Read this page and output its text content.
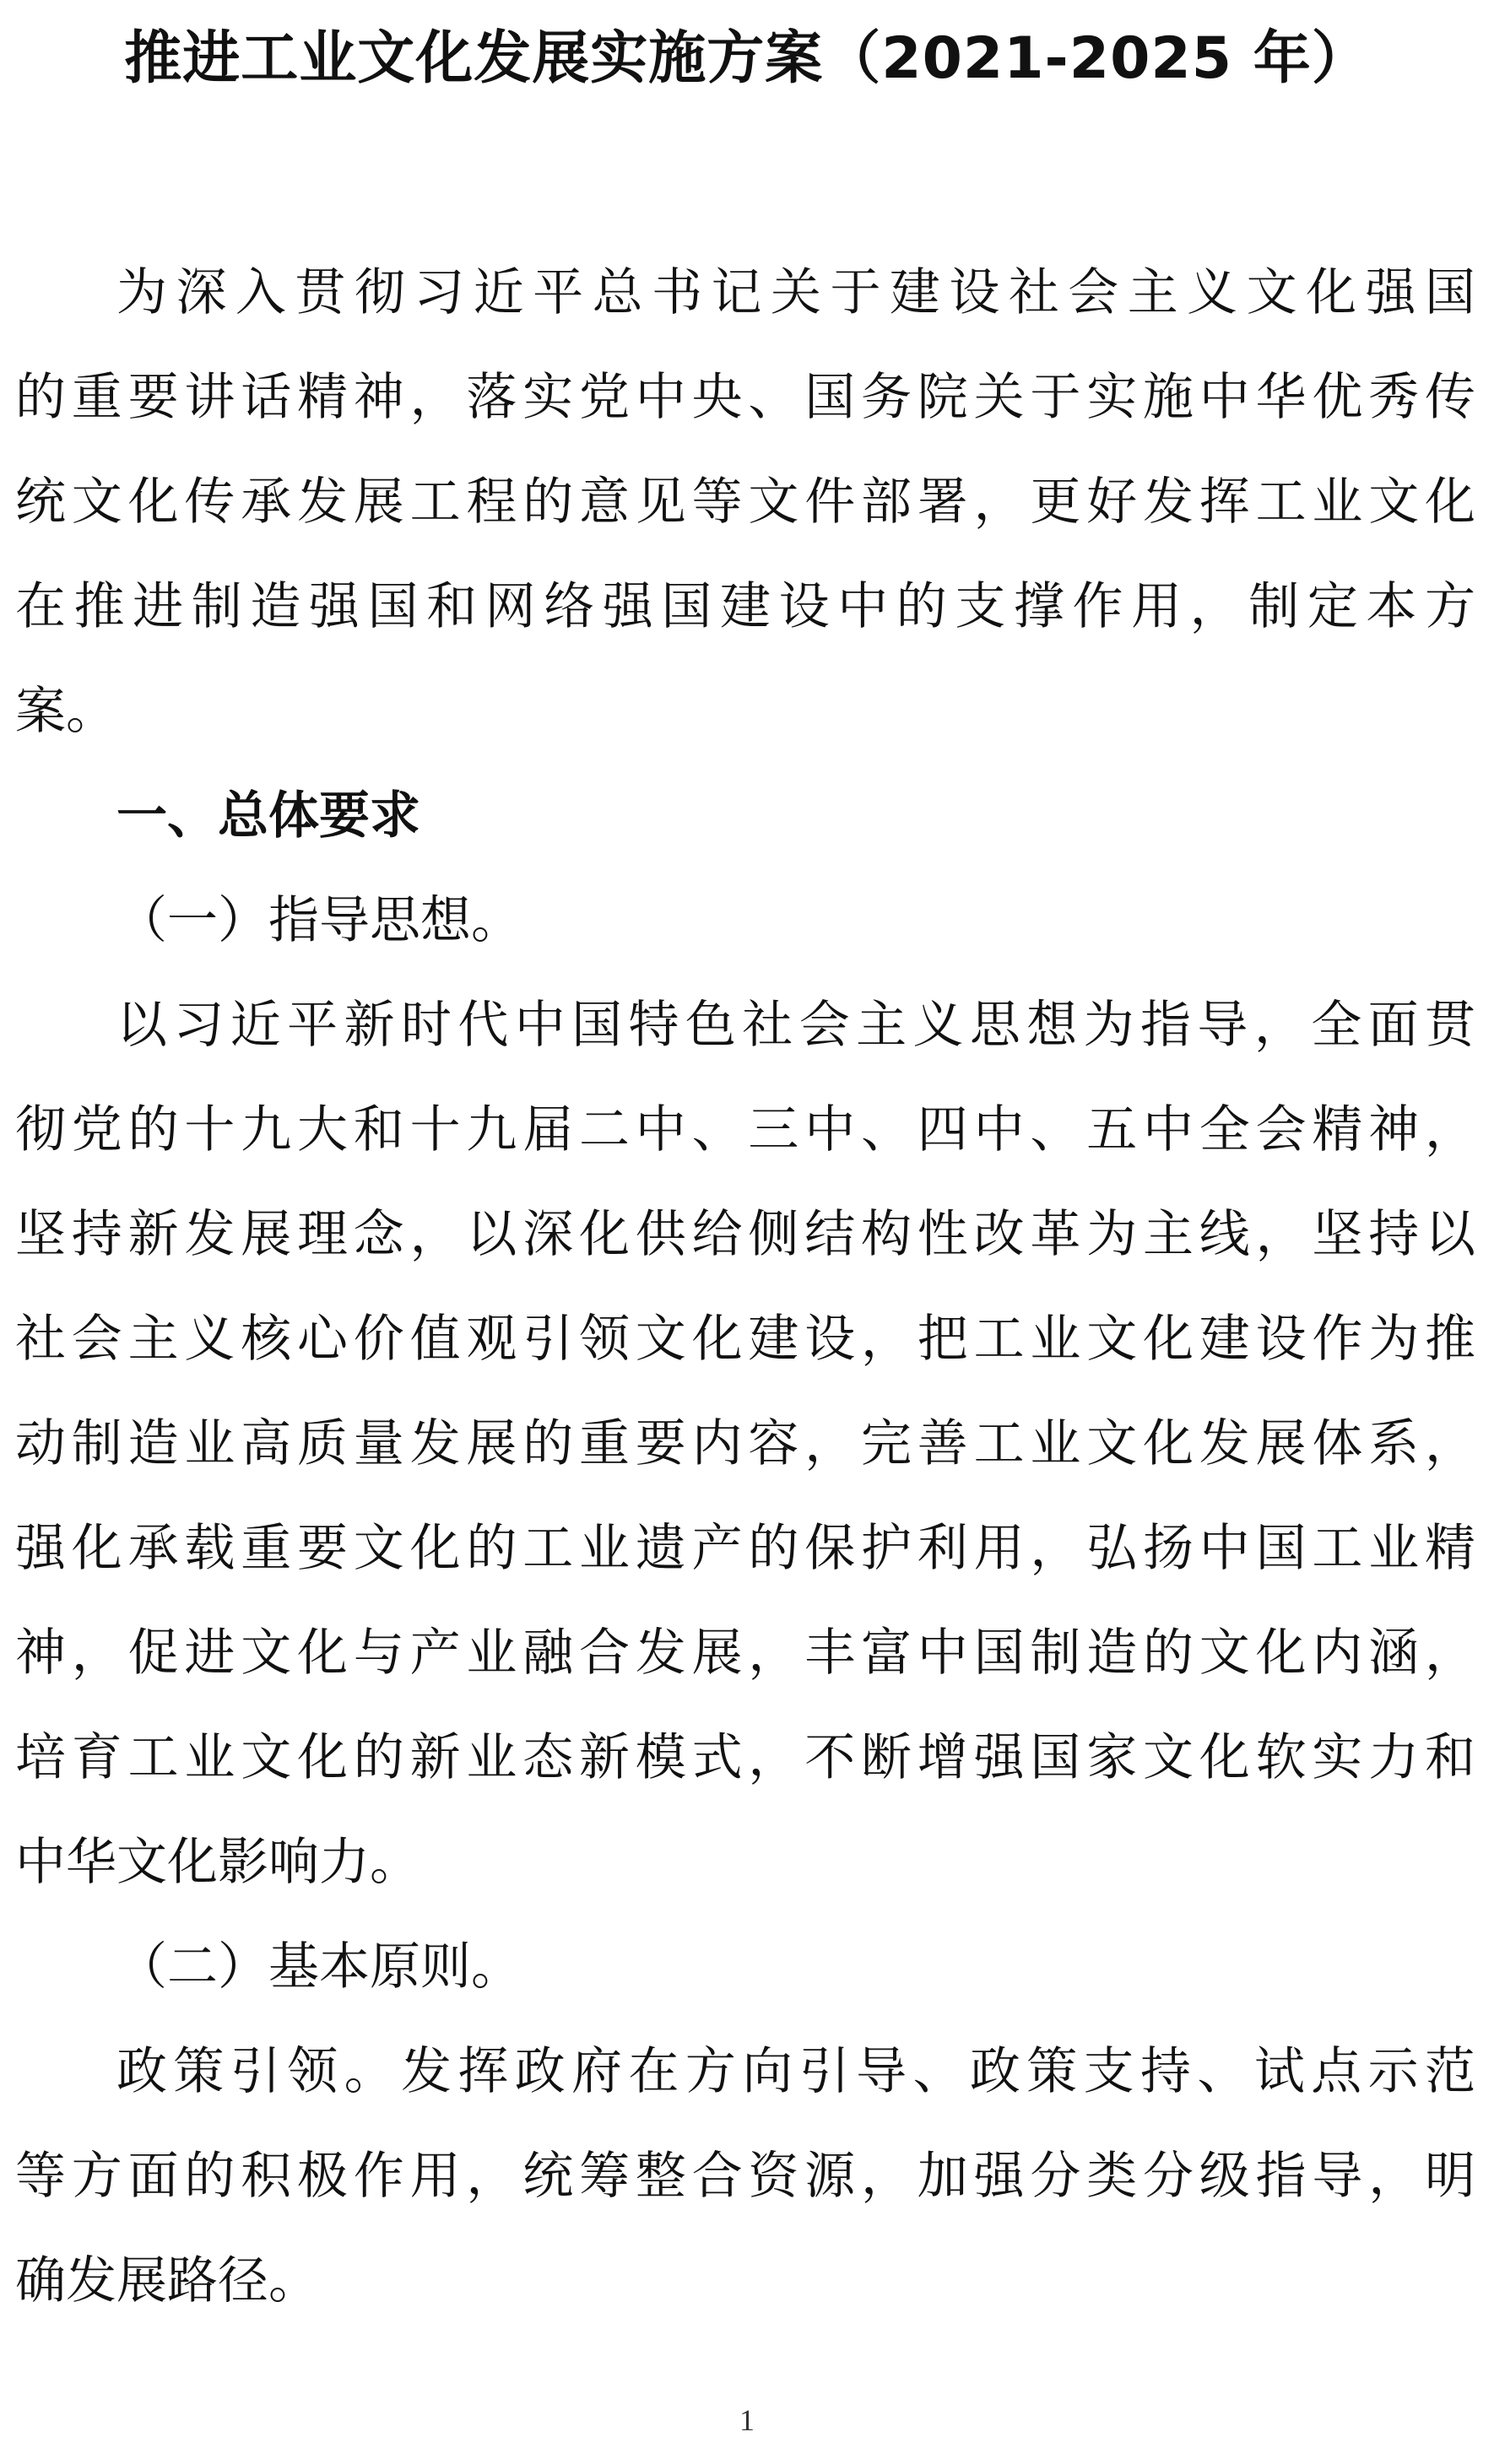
推进工业文化发展实施方案（2021-2025 年）
为深入贯彻习近平总书记关于建设社会主义文化强国
的重要讲话精神，落实党中央、国务院关于实施中华优秀传
统文化传承发展工程的意见等文件部署，更好发挥工业文化
在推进制造强国和网络强国建设中的支撑作用，制定本方
案。
一、总体要求
（一）指导思想。
以习近平新时代中国特色社会主义思想为指导，全面贯
彻党的十九大和十九届二中、三中、四中、五中全会精神，
坚持新发展理念，以深化供给侧结构性改革为主线，坚持以
社会主义核心价值观引领文化建设，把工业文化建设作为推
动制造业高质量发展的重要内容，完善工业文化发展体系，
强化承载重要文化的工业遗产的保护利用，弘扬中国工业精
神，促进文化与产业融合发展，丰富中国制造的文化内涵，
培育工业文化的新业态新模式，不断增强国家文化软实力和
中华文化影响力。
（二）基本原则。
政策引领。发挥政府在方向引导、政策支持、试点示范
等方面的积极作用，统筹整合资源，加强分类分级指导，明
确发展路径。
1
